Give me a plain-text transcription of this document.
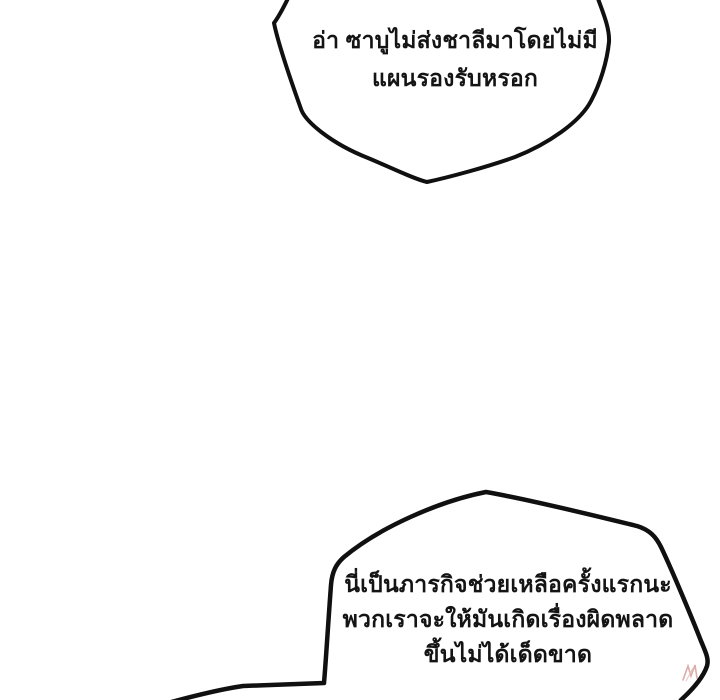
อ่า ซาบูไม่ส่งชาลีมาโดยไม่มี
แผนรองรับหรอก
นี่เป็นภารกิจช่วยเหลือครั้งแรกนะ
พวกเราจะให้มันเกิดเรื่องผิดพลาด
ขึ้นไม่ได้เด็ดขาด
